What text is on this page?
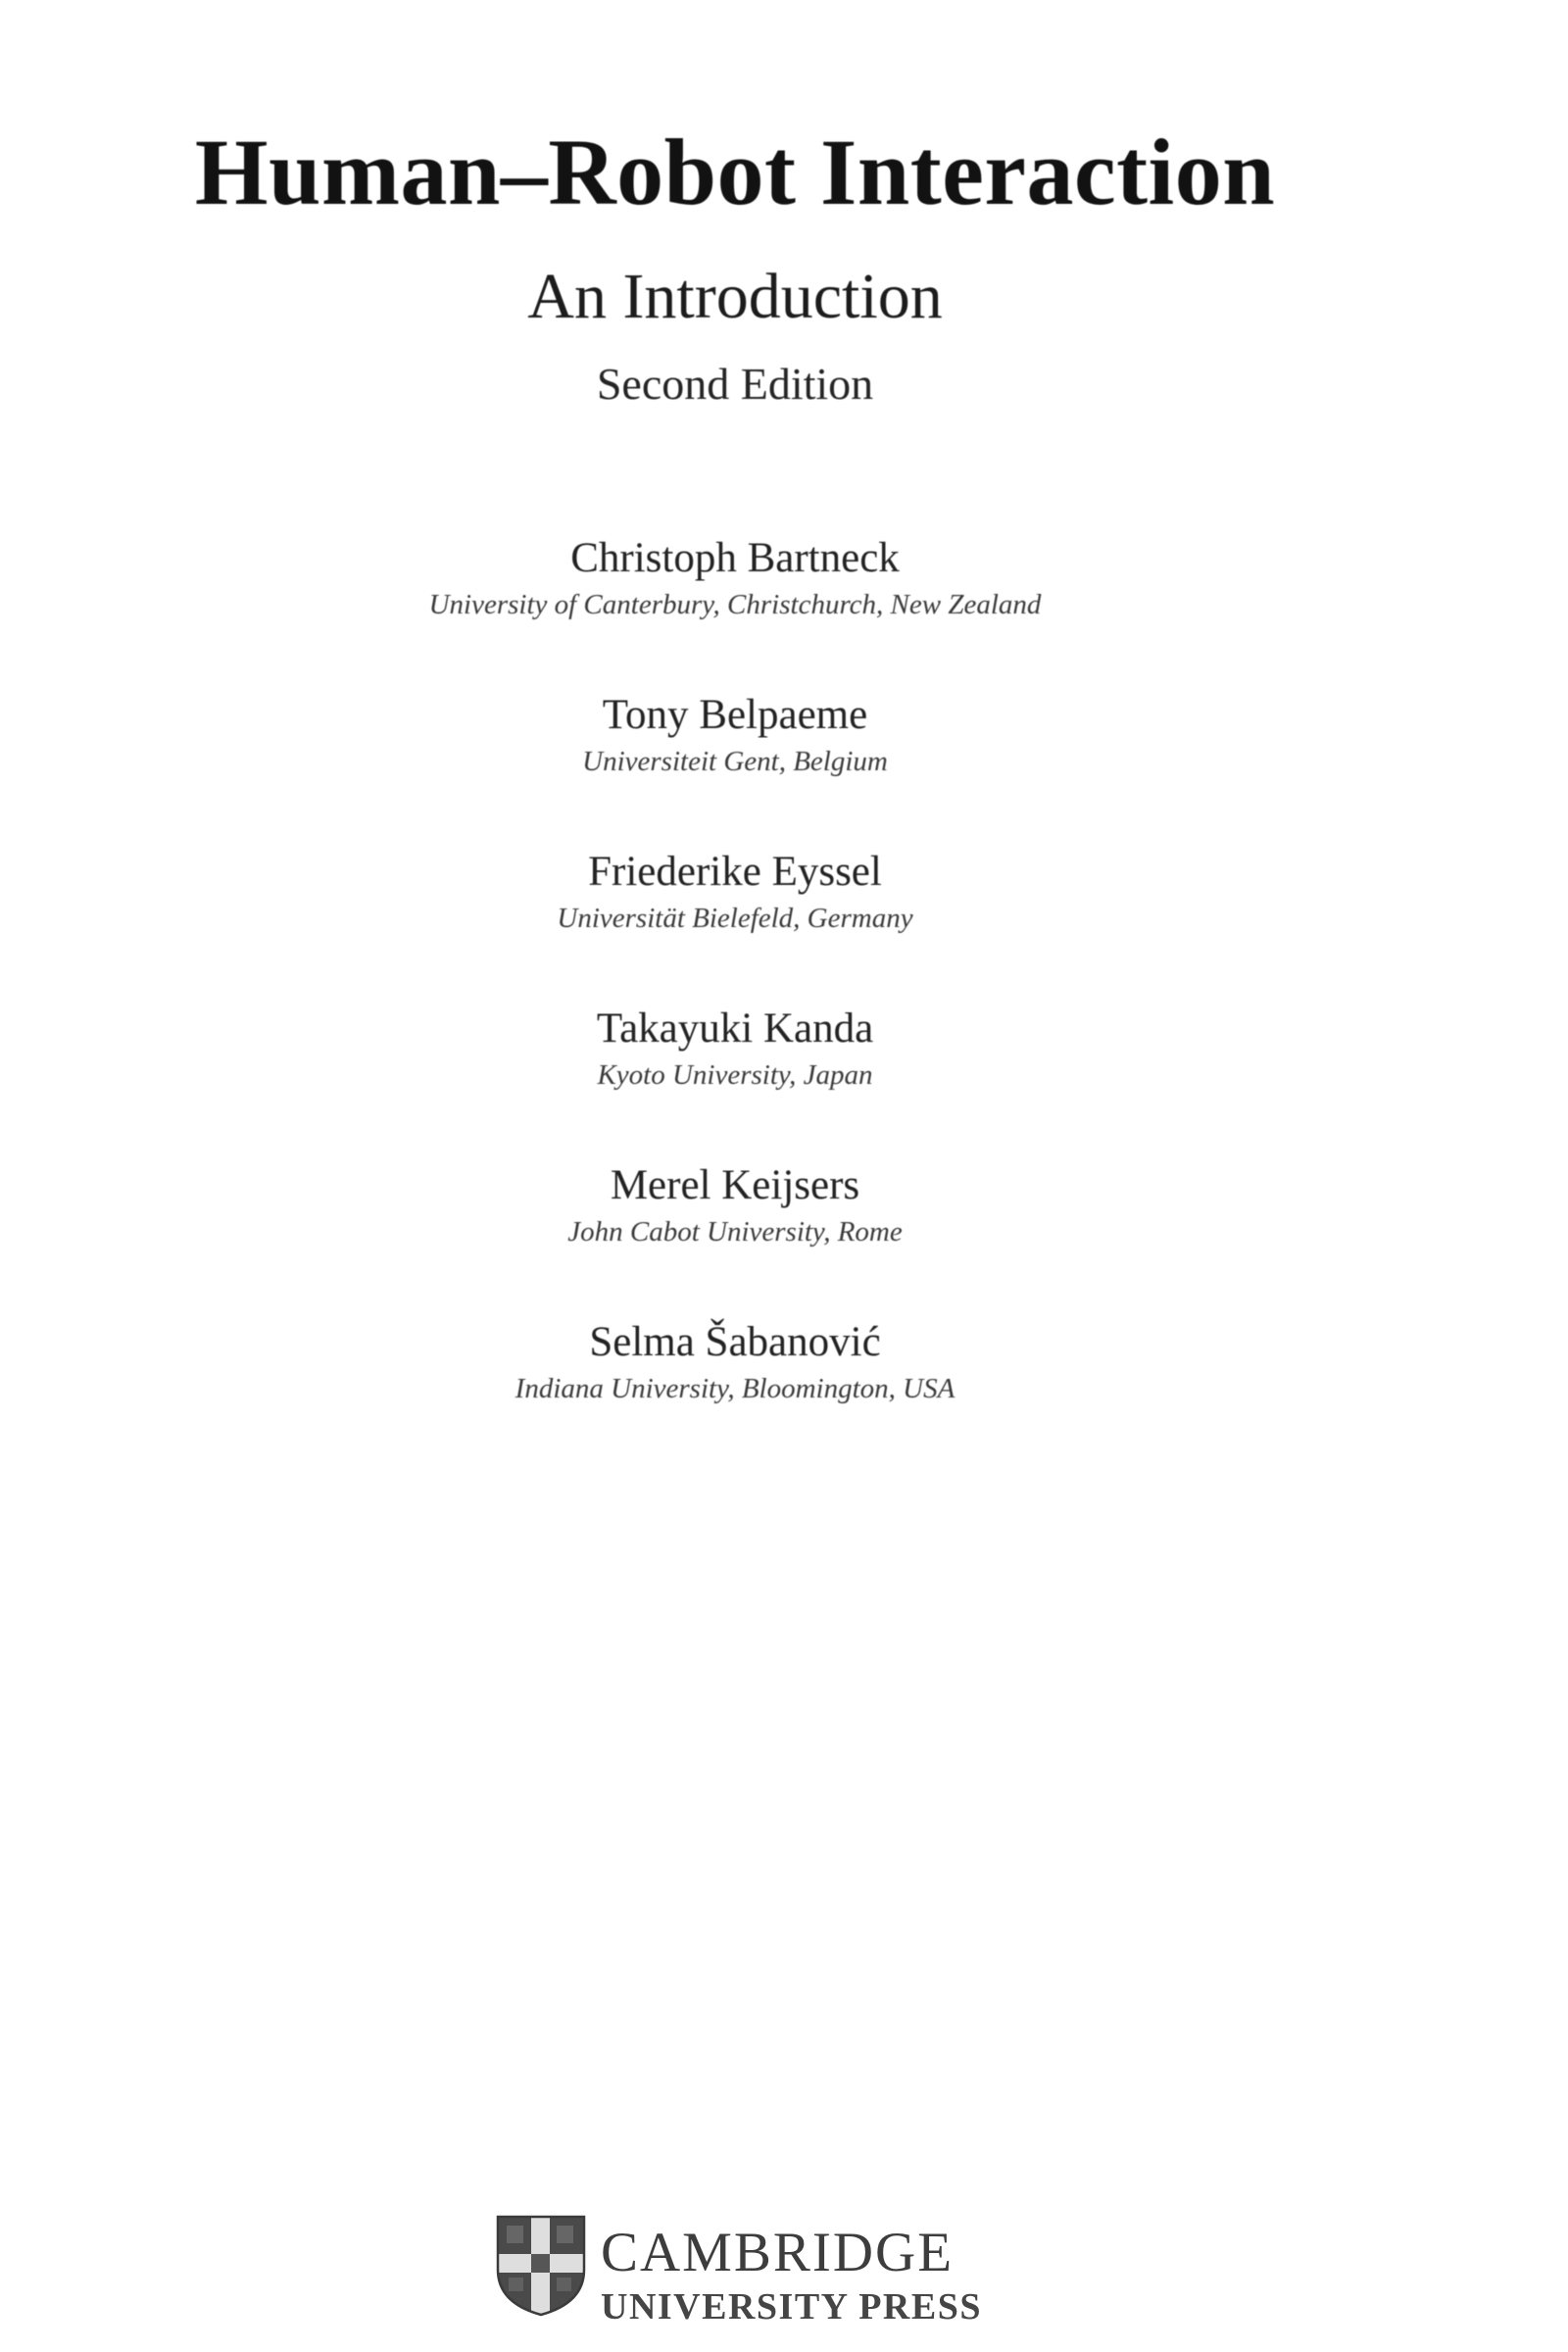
Human–Robot Interaction
An Introduction
Second Edition
Christoph Bartneck
University of Canterbury, Christchurch, New Zealand
Tony Belpaeme
Universiteit Gent, Belgium
Friederike Eyssel
Universität Bielefeld, Germany
Takayuki Kanda
Kyoto University, Japan
Merel Keijsers
John Cabot University, Rome
Selma Šabanović
Indiana University, Bloomington, USA
CAMBRIDGE
UNIVERSITY PRESS
